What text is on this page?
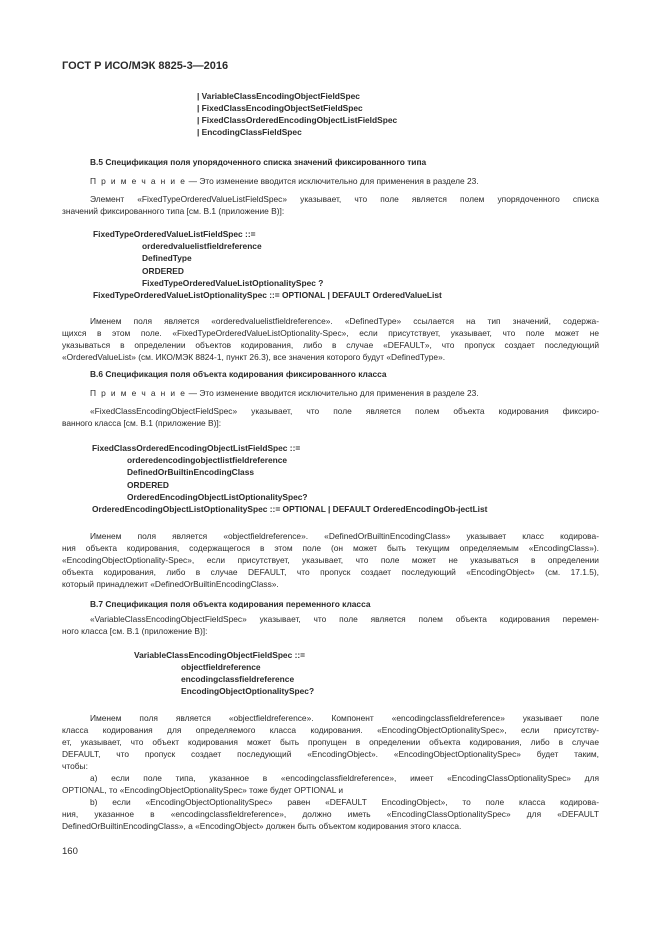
ГОСТ Р ИСО/МЭК 8825-3—2016
| VariableClassEncodingObjectFieldSpec
| FixedClassEncodingObjectSetFieldSpec
| FixedClassOrderedEncodingObjectListFieldSpec
| EncodingClassFieldSpec
В.5 Спецификация поля упорядоченного списка значений фиксированного типа
П р и м е ч а н и е — Это изменение вводится исключительно для применения в разделе 23.
Элемент «FixedTypeOrderedValueListFieldSpec» указывает, что поле является полем упорядоченного списка
значений фиксированного типа [см. В.1 (приложение В)]:
FixedTypeOrderedValueListFieldSpec ::=
orderedvaluelistfieldreference
DefinedType
ORDERED
FixedTypeOrderedValueListOptionalitySpec ?
FixedTypeOrderedValueListOptionalitySpec ::= OPTIONAL | DEFAULT OrderedValueList
Именем поля является «orderedvaluelistfieldreference». «DefinedType» ссылается на тип значений, содержа-
щихся в этом поле. «FixedTypeOrderedValueListOptionality-Spec», если присутствует, указывает, что поле может не
указываться в определении объектов кодирования, либо в случае «DEFAULT», что пропуск создает последующий
«OrderedValueList» (см. ИКО/МЭК 8824-1, пункт 26.3), все значения которого будут «DefinedType».
В.6 Спецификация поля объекта кодирования фиксированного класса
П р и м е ч а н и е — Это изменение вводится исключительно для применения в разделе 23.
«FixedClassEncodingObjectFieldSpec» указывает, что поле является полем объекта кодирования фиксиро-
ванного класса [см. В.1 (приложение В)]:
FixedClassOrderedEncodingObjectListFieldSpec ::=
orderedencodingobjectlistfieldreference
DefinedOrBuiltinEncodingClass
ORDERED
OrderedEncodingObjectListOptionalitySpec?
OrderedEncodingObjectListOptionalitySpec ::= OPTIONAL | DEFAULT OrderedEncodingOb-jectList
Именем поля является «objectfieldreference». «DefinedOrBuiltinEncodingClass» указывает класс кодирова-
ния объекта кодирования, содержащегося в этом поле (он может быть текущим определяемым «EncodingClass»).
«EncodingObjectOptionality-Spec», если присутствует, указывает, что поле может не указываться в определении
объекта кодирования, либо в случае DEFAULT, что пропуск создает последующий «EncodingObject» (см. 17.1.5),
который принадлежит «DefinedOrBuiltinEncodingClass».
В.7 Спецификация поля объекта кодирования переменного класса
«VariableClassEncodingObjectFieldSpec» указывает, что поле является полем объекта кодирования перемен-
ного класса [см. В.1 (приложение В)]:
VariableClassEncodingObjectFieldSpec ::=
objectfieldreference
encodingclassfieldreference
EncodingObjectOptionalitySpec?
Именем поля является «objectfieldreference». Компонент «encodingclassfieldreference» указывает поле
класса кодирования для определяемого класса кодирования. «EncodingObjectOptionalitySpec», если присутству-
ет, указывает, что объект кодирования может быть пропущен в определении объекта кодирования, либо в случае
DEFAULT, что пропуск создает последующий «EncodingObject». «EncodingObjectOptionalitySpec» будет таким,
чтобы:
a) если поле типа, указанное в «encodingclassfieldreference», имеет «EncodingClassOptionalitySpec» для
OPTIONAL, то «EncodingObjectOptionalitySpec» тоже будет OPTIONAL и
b) если «EncodingObjectOptionalitySpec» равен «DEFAULT EncodingObject», то поле класса кодирова-
ния, указанное в «encodingclassfieldreference», должно иметь «EncodingClassOptionalitySpec» для «DEFAULT
DefinedOrBuiltinEncodingClass», а «EncodingObject» должен быть объектом кодирования этого класса.
160
